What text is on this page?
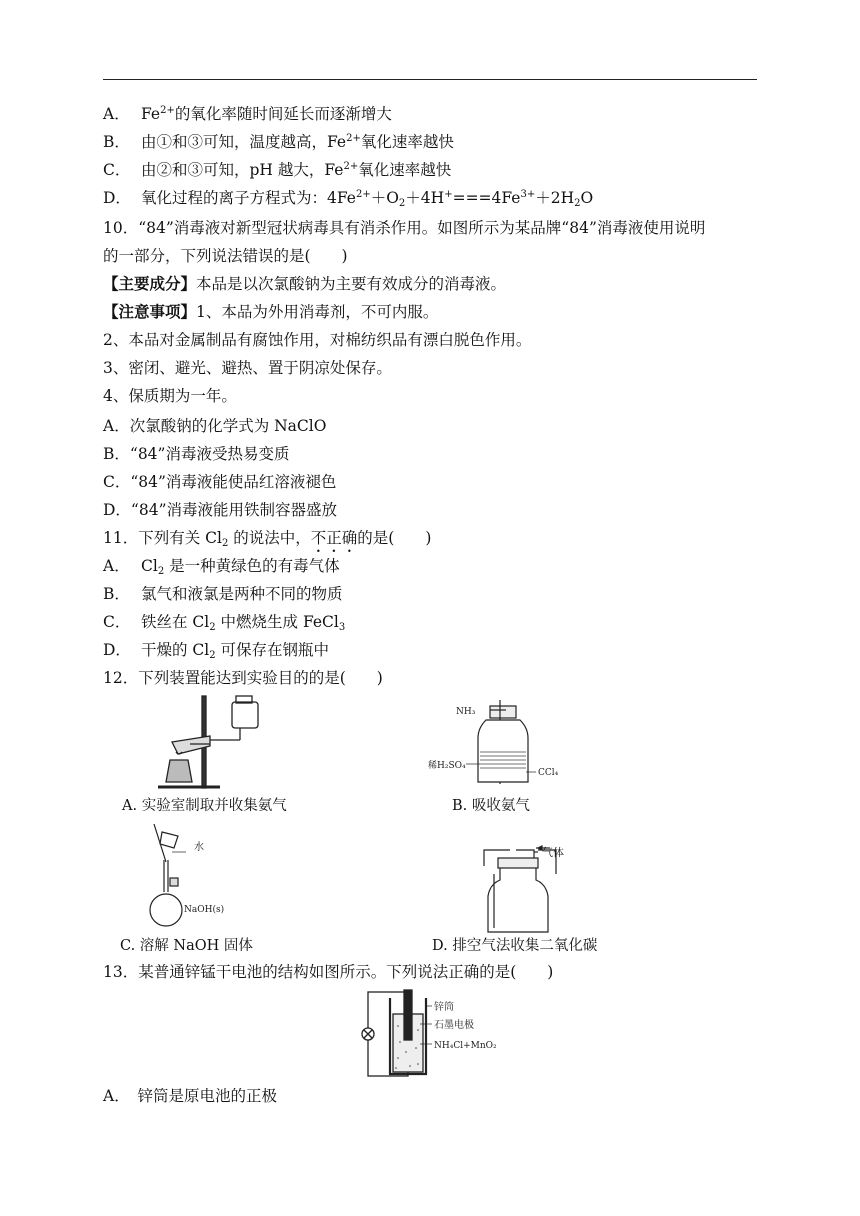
A． $Fe^{2+}$的氧化率随时间延长而逐渐增大
B． 由①和③可知，温度越高，$Fe^{2+}$氧化速率越快
C． 由②和③可知，pH 越大，$Fe^{2+}$氧化速率越快
D． 氧化过程的离子方程式为：$4Fe^{2+}+O_2+4H^+===4Fe^{3+}+2H_2O$
10．“84”消毒液对新型冠状病毒具有消杀作用。如图所示为某品牌“84”消毒液使用说明
的一部分，下列说法错误的是(　　)
【主要成分】本品是以次氯酸钠为主要有效成分的消毒液。
【注意事项】1、本品为外用消毒剂，不可内服。
2、本品对金属制品有腐蚀作用，对棉纺织品有漂白脱色作用。
3、密闭、避光、避热、置于阴凉处保存。
4、保质期为一年。
A．次氯酸钠的化学式为 NaClO
B．“84”消毒液受热易变质
C．“84”消毒液能使品红溶液褪色
D．“84”消毒液能用铁制容器盛放
11．下列有关 $Cl_2$ 的说法中，不正确的是(　　)
A． $Cl_2$ 是一种黄绿色的有毒气体
B． 氯气和液氯是两种不同的物质
C． 铁丝在 $Cl_2$ 中燃烧生成 FeCl$_3$
D． 干燥的 $Cl_2$ 可保存在钢瓶中
12．下列装置能达到实验目的的是(　　)
A. 实验室制取并收集氨气
NH₃
稀H₂SO₄
CCl₄
B. 吸收氨气
水
NaOH(s)
C. 溶解 NaOH 固体
气体
D. 排空气法收集二氧化碳
13．某普通锌锰干电池的结构如图所示。下列说法正确的是(　　)
锌筒
石墨电极
NH₄Cl+MnO₂
A．　锌筒是原电池的正极
